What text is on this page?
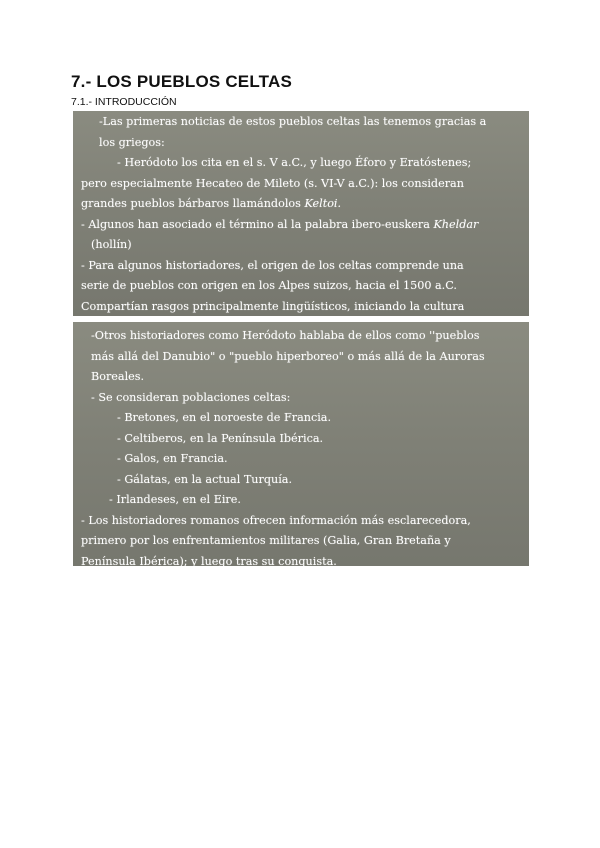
7.- LOS PUEBLOS CELTAS

7.1.- INTRODUCCIÓN

-Las primeras noticias de estos pueblos celtas las tenemos gracias a
los griegos:
- Heródoto los cita en el s. V a.C., y luego Éforo y Eratóstenes;
pero especialmente Hecateo de Mileto (s. VI-V a.C.): los consideran
grandes pueblos bárbaros llamándolos Keltoi.
- Algunos han asociado el término al la palabra ibero-euskera Kheldar
(hollín)
- Para algunos historiadores, el origen de los celtas comprende una
serie de pueblos con origen en los Alpes suizos, hacia el 1500 a.C.
Compartían rasgos principalmente lingüísticos, iniciando la cultura
-Otros historiadores como Heródoto hablaba de ellos como ''pueblos
más allá del Danubio" o "pueblo hiperboreo" o más allá de la Auroras
Boreales.
- Se consideran poblaciones celtas:
- Bretones, en el noroeste de Francia.
- Celtiberos, en la Península Ibérica.
- Galos, en Francia.
- Gálatas, en la actual Turquía.
- Irlandeses, en el Eire.
- Los historiadores romanos ofrecen información más esclarecedora,
primero por los enfrentamientos militares (Galia, Gran Bretaña y
Península Ibérica); y luego tras su conquista.
